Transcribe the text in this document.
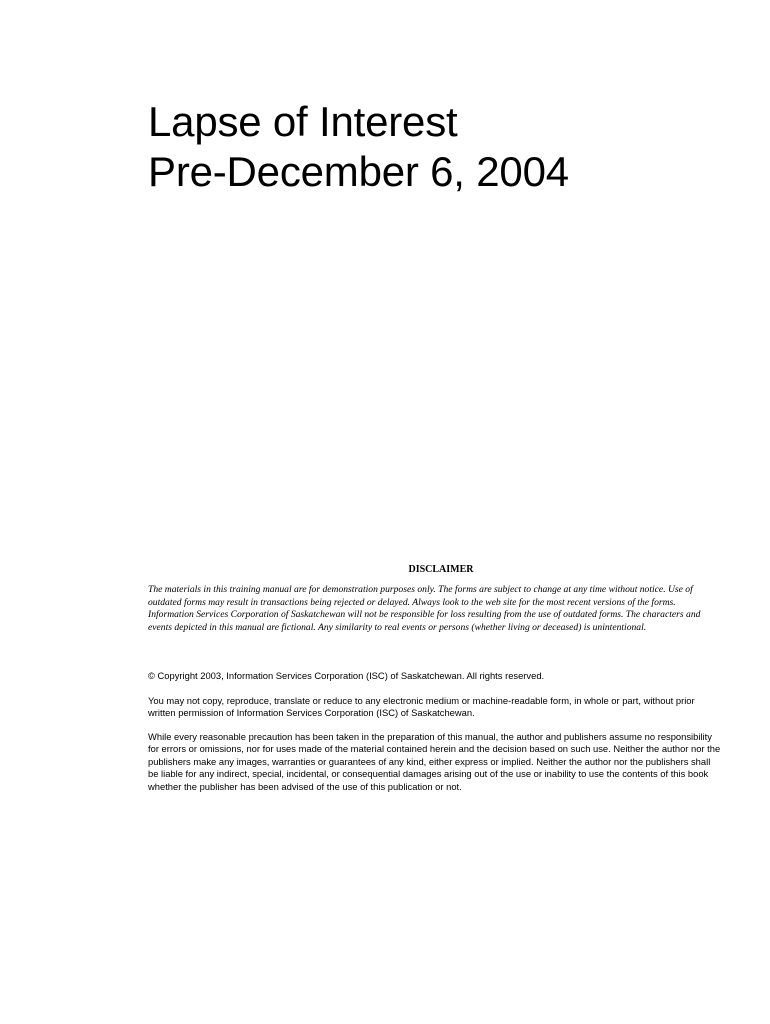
Lapse of Interest
Pre-December 6, 2004
DISCLAIMER

The materials in this training manual are for demonstration purposes only. The forms are subject to change at any time without notice. Use of outdated forms may result in transactions being rejected or delayed. Always look to the web site for the most recent versions of the forms. Information Services Corporation of Saskatchewan will not be responsible for loss resulting from the use of outdated forms. The characters and events depicted in this manual are fictional. Any similarity to real events or persons (whether living or deceased) is unintentional.

© Copyright 2003, Information Services Corporation (ISC) of Saskatchewan. All rights reserved.

You may not copy, reproduce, translate or reduce to any electronic medium or machine-readable form, in whole or part, without prior written permission of Information Services Corporation (ISC) of Saskatchewan.

While every reasonable precaution has been taken in the preparation of this manual, the author and publishers assume no responsibility for errors or omissions, nor for uses made of the material contained herein and the decision based on such use. Neither the author nor the publishers make any images, warranties or guarantees of any kind, either express or implied. Neither the author nor the publishers shall be liable for any indirect, special, incidental, or consequential damages arising out of the use or inability to use the contents of this book whether the publisher has been advised of the use of this publication or not.
